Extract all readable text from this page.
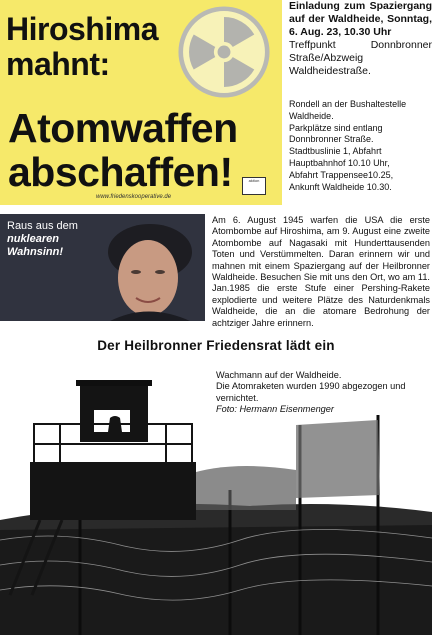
Hiroshima
mahnt:
Atomwaffen
abschaffen!
www.friedenskooperative.de
aktion
Einladung zum Spaziergang auf der Waldheide, Sonntag, 6. Aug. 23, 10.30 Uhr
Treffpunkt Donnbronner Straße/Abzweig Waldheidestraße.
Rondell an der Bushaltestelle Waldheide.
Parkplätze sind entlang Donnbronner Straße.
Stadtbuslinie 1, Abfahrt Hauptbahnhof 10.10 Uhr,
Abfahrt Trappensee10.25,
Ankunft Waldheide 10.30.
Raus aus dem
nuklearen Wahnsinn!
Am 6. August 1945 warfen die USA die erste Atombombe auf Hiroshima, am 9. August eine zweite Atombombe auf Nagasaki mit Hunderttausenden Toten und Verstümmelten. Daran erinnern wir und mahnen mit einem Spaziergang auf der Heilbronner Waldheide. Besuchen Sie mit uns den Ort, wo am 11. Jan.1985 die erste Stufe einer Pershing-Rakete explodierte und weitere Plätze des Naturdenkmals Waldheide, die an die atomare Bedrohung der achtziger Jahre erinnern.
Der Heilbronner Friedensrat lädt ein
Wachmann auf der Waldheide.
Die Atomraketen wurden 1990 abgezogen und vernichtet.
Foto: Hermann Eisenmenger
